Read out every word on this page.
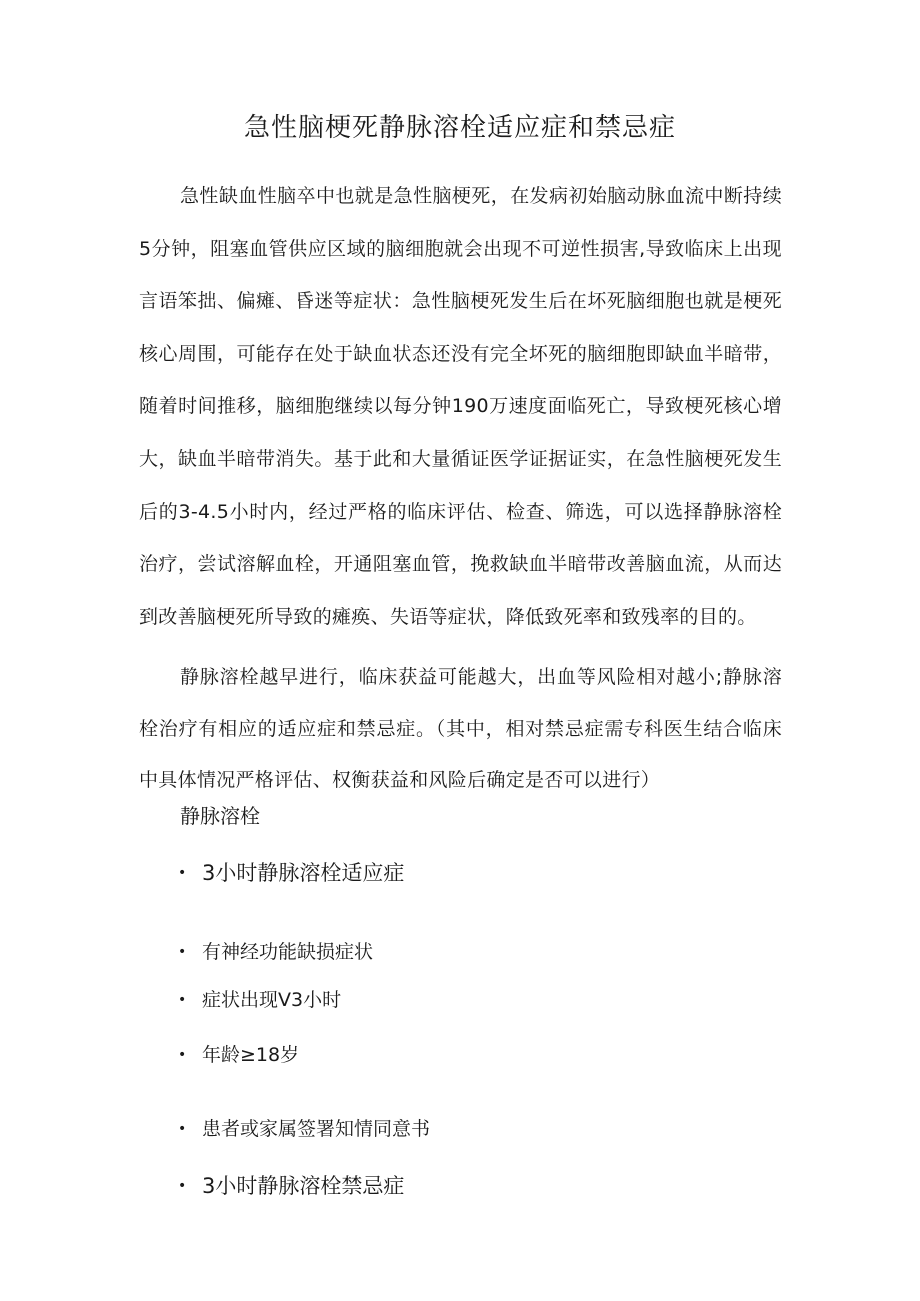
急性脑梗死静脉溶栓适应症和禁忌症

急性缺血性脑卒中也就是急性脑梗死，在发病初始脑动脉血流中断持续5分钟，阻塞血管供应区域的脑细胞就会出现不可逆性损害,导致临床上出现言语笨拙、偏瘫、昏迷等症状：急性脑梗死发生后在坏死脑细胞也就是梗死核心周围，可能存在处于缺血状态还没有完全坏死的脑细胞即缺血半暗带，随着时间推移，脑细胞继续以每分钟190万速度面临死亡，导致梗死核心增大，缺血半暗带消失。基于此和大量循证医学证据证实，在急性脑梗死发生后的3-4.5小时内，经过严格的临床评估、检查、筛选，可以选择静脉溶栓治疗，尝试溶解血栓，开通阻塞血管，挽救缺血半暗带改善脑血流，从而达到改善脑梗死所导致的瘫痪、失语等症状，降低致死率和致残率的目的。

静脉溶栓越早进行，临床获益可能越大，出血等风险相对越小;静脉溶栓治疗有相应的适应症和禁忌症。（其中，相对禁忌症需专科医生结合临床中具体情况严格评估、权衡获益和风险后确定是否可以进行）

静脉溶栓
• 3小时静脉溶栓适应症
• 有神经功能缺损症状
• 症状出现V3小时
• 年龄≥18岁
• 患者或家属签署知情同意书
• 3小时静脉溶栓禁忌症
